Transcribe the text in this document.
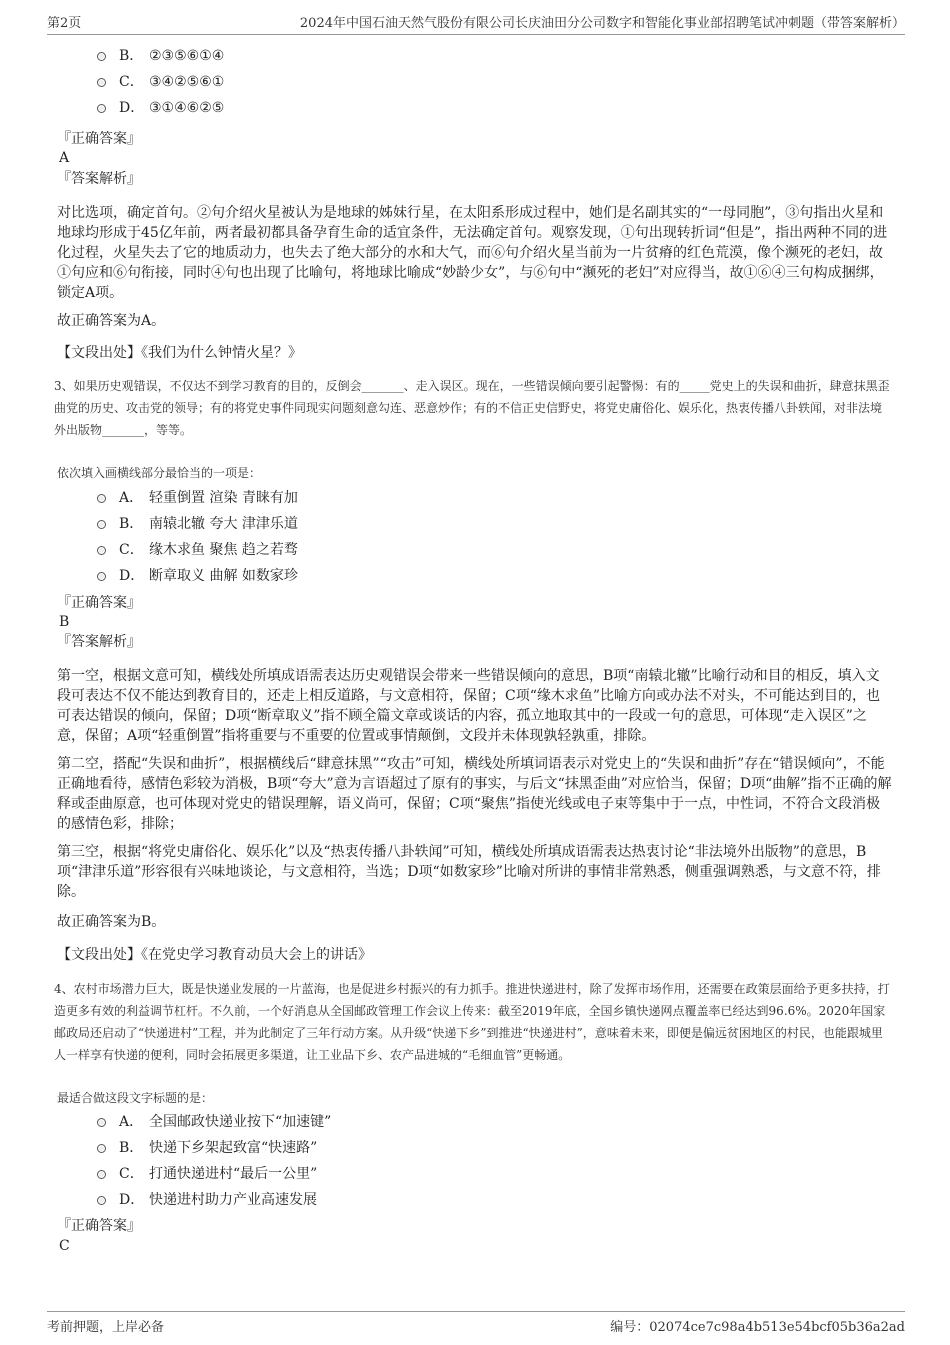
第2页	2024年中国石油天然气股份有限公司长庆油田分公司数字和智能化事业部招聘笔试冲刺题（带答案解析）
B． ②③⑤⑥①④
C． ③④②⑤⑥①
D． ③①④⑥②⑤
『正确答案』
A
『答案解析』

对比选项，确定首句。②句介绍火星被认为是地球的姊妹行星，在太阳系形成过程中，她们是名副其实的“一母同胞”，③句指出火星和地球均形成于45亿年前，两者最初都具备孕育生命的适宜条件，无法确定首句。观察发现，①句出现转折词“但是”，指出两种不同的进化过程，火星失去了它的地质动力，也失去了绝大部分的水和大气，而⑥句介绍火星当前为一片贫瘠的红色荒漠，像个濒死的老妇，故①句应和⑥句衔接，同时④句也出现了比喻句，将地球比喻成“妙龄少女”，与⑥句中“濒死的老妇”对应得当，故①⑥④三句构成捆绑，锁定A项。

故正确答案为A。

【文段出处】《我们为什么钟情火星？》

3、如果历史观错误，不仅达不到学习教育的目的，反倒会_______、走入误区。现在，一些错误倾向要引起警惕：有的_____党史上的失误和曲折，肆意抹黑歪曲党的历史、攻击党的领导；有的将党史事件同现实问题刻意勾连、恶意炒作；有的不信正史信野史，将党史庸俗化、娱乐化，热衷传播八卦轶闻，对非法境外出版物_______，等等。

依次填入画横线部分最恰当的一项是：

A． 轻重倒置 渲染 青睐有加
B． 南辕北辙 夸大 津津乐道
C． 缘木求鱼 聚焦 趋之若骛
D． 断章取义 曲解 如数家珍
『正确答案』
B
『答案解析』

第一空，根据文意可知，横线处所填成语需表达历史观错误会带来一些错误倾向的意思，B项“南辕北辙”比喻行动和目的相反，填入文段可表达不仅不能达到教育目的，还走上相反道路，与文意相符，保留；C项“缘木求鱼”比喻方向或办法不对头，不可能达到目的，也可表达错误的倾向，保留；D项“断章取义”指不顾全篇文章或谈话的内容，孤立地取其中的一段或一句的意思，可体现“走入误区”之意，保留；A项“轻重倒置”指将重要与不重要的位置或事情颠倒，文段并未体现孰轻孰重，排除。

第二空，搭配“失误和曲折”，根据横线后“肆意抹黑”“攻击”可知，横线处所填词语表示对党史上的“失误和曲折”存在“错误倾向”，不能正确地看待，感情色彩较为消极，B项“夸大”意为言语超过了原有的事实，与后文“抹黑歪曲”对应恰当，保留；D项“曲解”指不正确的解释或歪曲原意，也可体现对党史的错误理解，语义尚可，保留；C项“聚焦”指使光线或电子束等集中于一点，中性词，不符合文段消极的感情色彩，排除；

第三空，根据“将党史庸俗化、娱乐化”以及“热衷传播八卦轶闻”可知，横线处所填成语需表达热衷讨论“非法境外出版物”的意思，B项“津津乐道”形容很有兴味地谈论，与文意相符，当选；D项“如数家珍”比喻对所讲的事情非常熟悉，侧重强调熟悉，与文意不符，排除。

故正确答案为B。

【文段出处】《在党史学习教育动员大会上的讲话》

4、农村市场潜力巨大，既是快递业发展的一片蓝海，也是促进乡村振兴的有力抓手。推进快递进村，除了发挥市场作用，还需要在政策层面给予更多扶持，打造更多有效的利益调节杠杆。不久前，一个好消息从全国邮政管理工作会议上传来：截至2019年底，全国乡镇快递网点覆盖率已经达到96.6%。2020年国家邮政局还启动了“快递进村”工程，并为此制定了三年行动方案。从升级“快递下乡”到推进“快递进村”，意味着未来，即便是偏远贫困地区的村民，也能跟城里人一样享有快递的便利，同时会拓展更多渠道，让工业品下乡、农产品进城的“毛细血管”更畅通。

最适合做这段文字标题的是：

A． 全国邮政快递业按下“加速键”
B． 快递下乡架起致富“快速路”
C． 打通快递进村“最后一公里”
D． 快递进村助力产业高速发展
『正确答案』
C
考前押题，上岸必备	编号：02074ce7c98a4b513e54bcf05b36a2ad
